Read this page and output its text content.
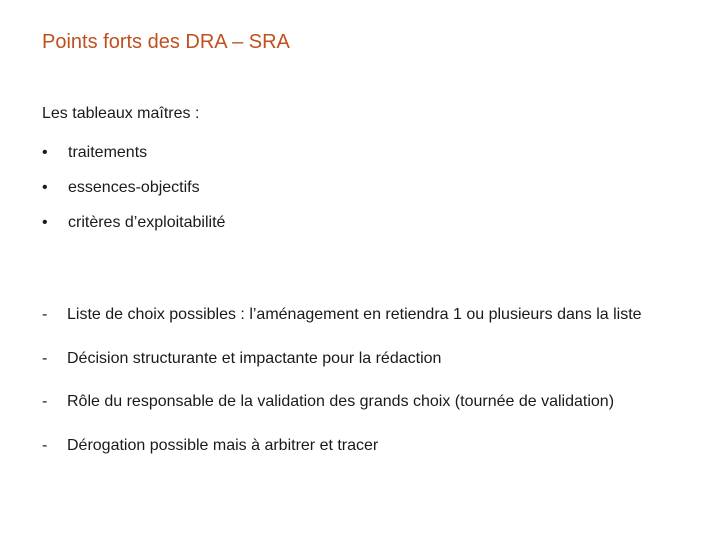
Points forts des DRA – SRA
Les tableaux maîtres :
•	traitements
•	essences-objectifs
•	critères d’exploitabilité
-	Liste de choix possibles : l’aménagement en retiendra 1 ou plusieurs dans la liste
-	Décision structurante et impactante pour la rédaction
-	Rôle du responsable de la validation des grands choix (tournée de validation)
-	Dérogation possible mais à arbitrer et tracer
